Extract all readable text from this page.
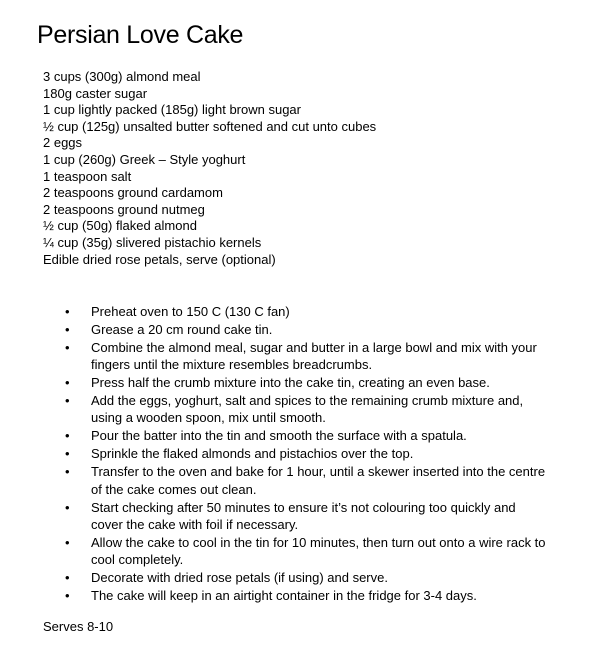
Persian Love Cake
3 cups (300g) almond meal
180g caster sugar
1 cup lightly packed (185g) light brown sugar
½ cup (125g) unsalted butter softened and cut unto cubes
2 eggs
1 cup (260g) Greek – Style yoghurt
1 teaspoon salt
2 teaspoons ground cardamom
2 teaspoons ground nutmeg
½ cup (50g) flaked almond
¼ cup (35g) slivered pistachio kernels
Edible dried rose petals, serve (optional)
• Preheat oven to 150 C (130 C fan)
• Grease a 20 cm round cake tin.
• Combine the almond meal, sugar and butter in a large bowl and mix with your fingers until the mixture resembles breadcrumbs.
• Press half the crumb mixture into the cake tin, creating an even base.
• Add the eggs, yoghurt, salt and spices to the remaining crumb mixture and, using a wooden spoon, mix until smooth.
• Pour the batter into the tin and smooth the surface with a spatula.
• Sprinkle the flaked almonds and pistachios over the top.
• Transfer to the oven and bake for 1 hour, until a skewer inserted into the centre of the cake comes out clean.
• Start checking after 50 minutes to ensure it’s not colouring too quickly and cover the cake with foil if necessary.
• Allow the cake to cool in the tin for 10 minutes, then turn out onto a wire rack to cool completely.
• Decorate with dried rose petals (if using) and serve.
• The cake will keep in an airtight container in the fridge for 3-4 days.

Serves 8-10
